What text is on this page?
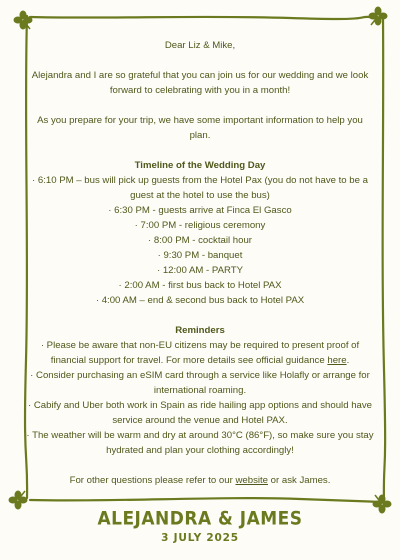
Dear Liz & Mike,

Alejandra and I are so grateful that you can join us for our wedding and we look forward to celebrating with you in a month!

As you prepare for your trip, we have some important information to help you plan.

Timeline of the Wedding Day

· 6:10 PM – bus will pick up guests from the Hotel Pax (you do not have to be a guest at the hotel to use the bus)

· 6:30 PM - guests arrive at Finca El Gasco

· 7:00 PM - religious ceremony

· 8:00 PM - cocktail hour

· 9:30 PM - banquet

· 12:00 AM - PARTY

· 2:00 AM - first bus back to Hotel PAX

· 4:00 AM – end & second bus back to Hotel PAX

Reminders

· Please be aware that non-EU citizens may be required to present proof of financial support for travel. For more details see official guidance here.

· Consider purchasing an eSIM card through a service like Holafly or arrange for international roaming.

· Cabify and Uber both work in Spain as ride hailing app options and should have service around the venue and Hotel PAX.

· The weather will be warm and dry at around 30°C (86°F), so make sure you stay hydrated and plan your clothing accordingly!

For other questions please refer to our website or ask James.

ALEJANDRA & JAMES
3 JULY 2025
